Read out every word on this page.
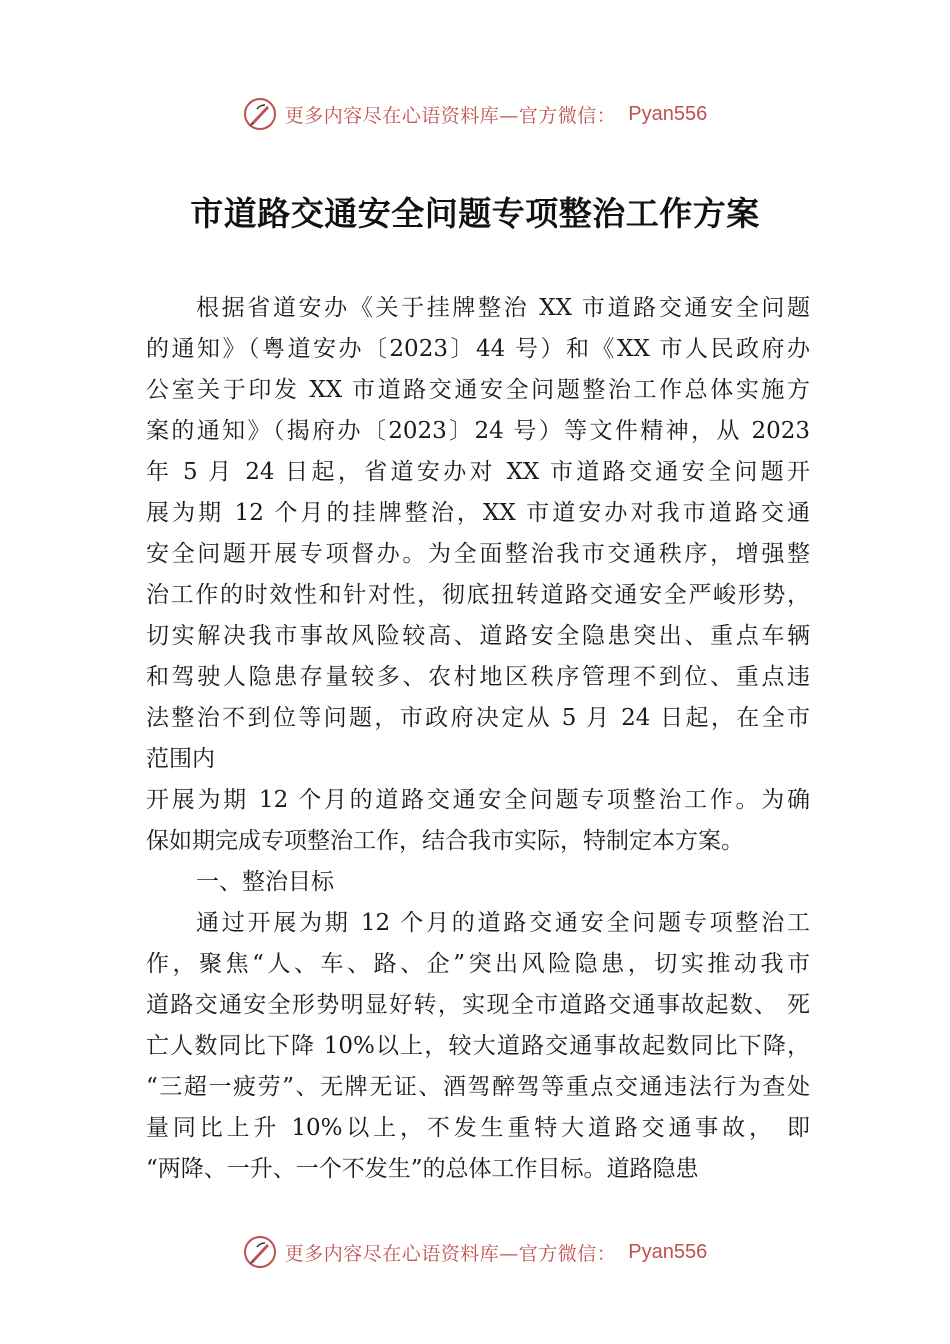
更多内容尽在心语资料库—官方微信： Pyan556
市道路交通安全问题专项整治工作方案
根据省道安办《关于挂牌整治 XX 市道路交通安全问题
的通知》（粤道安办〔2023〕44 号）和《XX 市人民政府办
公室关于印发 XX 市道路交通安全问题整治工作总体实施方
案的通知》（揭府办〔2023〕24 号）等文件精神，从 2023
年 5 月 24 日起，省道安办对 XX 市道路交通安全问题开
展为期 12 个月的挂牌整治，XX 市道安办对我市道路交通
安全问题开展专项督办。为全面整治我市交通秩序，增强整
治工作的时效性和针对性，彻底扭转道路交通安全严峻形势，
切实解决我市事故风险较高、道路安全隐患突出、重点车辆
和驾驶人隐患存量较多、农村地区秩序管理不到位、重点违
法整治不到位等问题，市政府决定从 5 月 24 日起，在全市
范围内
开展为期 12 个月的道路交通安全问题专项整治工作。为确
保如期完成专项整治工作，结合我市实际，特制定本方案。
一、整治目标
通过开展为期 12 个月的道路交通安全问题专项整治工
作，聚焦“人、车、路、企”突出风险隐患，切实推动我市
道路交通安全形势明显好转，实现全市道路交通事故起数、 死
亡人数同比下降 10%以上，较大道路交通事故起数同比下降，
“三超一疲劳”、无牌无证、酒驾醉驾等重点交通违法行为查处
量同比上升 10%以上，不发生重特大道路交通事故， 即
“两降、一升、一个不发生”的总体工作目标。道路隐患
更多内容尽在心语资料库—官方微信： Pyan556
